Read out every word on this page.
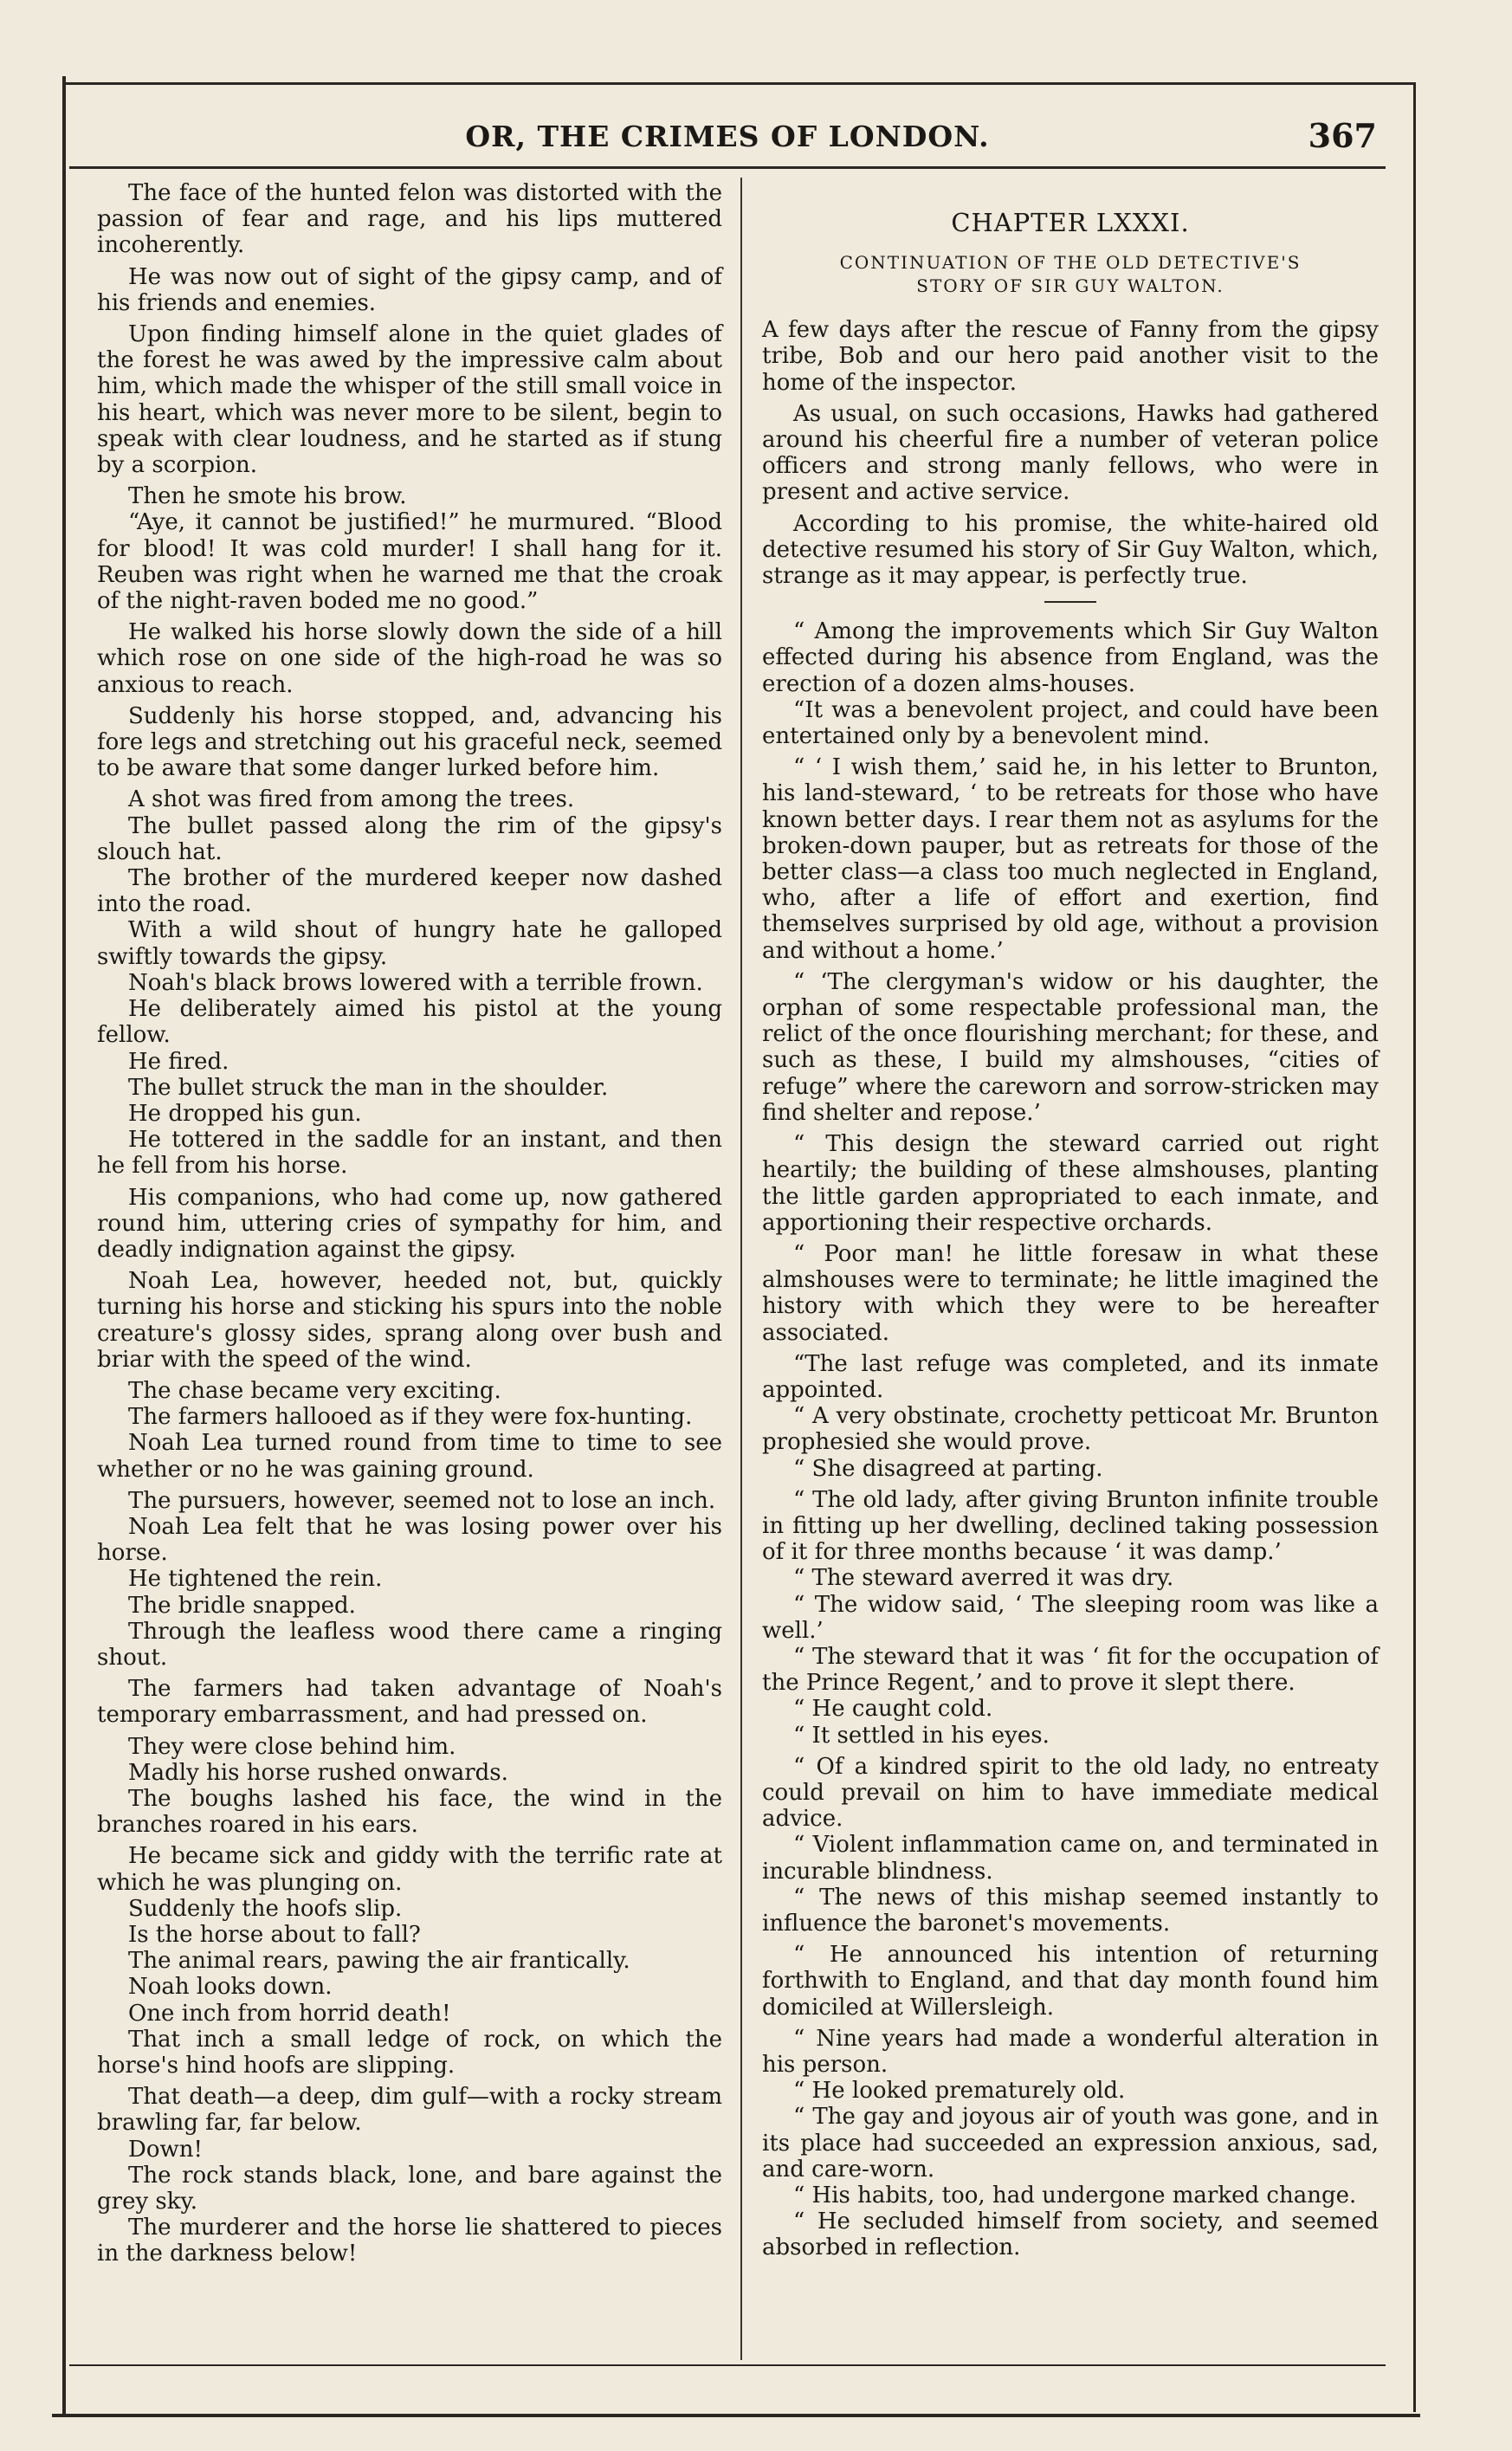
OR, THE CRIMES OF LONDON.	367

The face of the hunted felon was distorted with the passion of fear and rage, and his lips muttered incoherently.

He was now out of sight of the gipsy camp, and of his friends and enemies.

Upon finding himself alone in the quiet glades of the forest he was awed by the impressive calm about him, which made the whisper of the still small voice in his heart, which was never more to be silent, begin to speak with clear loudness, and he started as if stung by a scorpion.

Then he smote his brow.

“Aye, it cannot be justified!” he murmured. “Blood for blood! It was cold murder! I shall hang for it. Reuben was right when he warned me that the croak of the night-raven boded me no good.”

He walked his horse slowly down the side of a hill which rose on one side of the high-road he was so anxious to reach.

Suddenly his horse stopped, and, advancing his fore legs and stretching out his graceful neck, seemed to be aware that some danger lurked before him.

A shot was fired from among the trees.

The bullet passed along the rim of the gipsy's slouch hat.

The brother of the murdered keeper now dashed into the road.

With a wild shout of hungry hate he galloped swiftly towards the gipsy.

Noah's black brows lowered with a terrible frown.

He deliberately aimed his pistol at the young fellow.

He fired.

The bullet struck the man in the shoulder.

He dropped his gun.

He tottered in the saddle for an instant, and then he fell from his horse.

His companions, who had come up, now gathered round him, uttering cries of sympathy for him, and deadly indignation against the gipsy.

Noah Lea, however, heeded not, but, quickly turning his horse and sticking his spurs into the noble creature's glossy sides, sprang along over bush and briar with the speed of the wind.

The chase became very exciting.

The farmers hallooed as if they were fox-hunting.

Noah Lea turned round from time to time to see whether or no he was gaining ground.

The pursuers, however, seemed not to lose an inch.

Noah Lea felt that he was losing power over his horse.

He tightened the rein.

The bridle snapped.

Through the leafless wood there came a ringing shout.

The farmers had taken advantage of Noah's temporary embarrassment, and had pressed on.

They were close behind him.

Madly his horse rushed onwards.

The boughs lashed his face, the wind in the branches roared in his ears.

He became sick and giddy with the terrific rate at which he was plunging on.

Suddenly the hoofs slip.

Is the horse about to fall?

The animal rears, pawing the air frantically.

Noah looks down.

One inch from horrid death!

That inch a small ledge of rock, on which the horse's hind hoofs are slipping.

That death—a deep, dim gulf—with a rocky stream brawling far, far below.

Down!

The rock stands black, lone, and bare against the grey sky.

The murderer and the horse lie shattered to pieces in the darkness below!

CHAPTER LXXXI.
CONTINUATION OF THE OLD DETECTIVE'S
STORY OF SIR GUY WALTON.

A few days after the rescue of Fanny from the gipsy tribe, Bob and our hero paid another visit to the home of the inspector.

As usual, on such occasions, Hawks had gathered around his cheerful fire a number of veteran police officers and strong manly fellows, who were in present and active service.

According to his promise, the white-haired old detective resumed his story of Sir Guy Walton, which, strange as it may appear, is perfectly true.

“ Among the improvements which Sir Guy Walton effected during his absence from England, was the erection of a dozen alms-houses.

“It was a benevolent project, and could have been entertained only by a benevolent mind.

“ ‘ I wish them,’ said he, in his letter to Brunton, his land-steward, ‘ to be retreats for those who have known better days. I rear them not as asylums for the broken-down pauper, but as retreats for those of the better class—a class too much neglected in England, who, after a life of effort and exertion, find themselves surprised by old age, without a provision and without a home.’

“ ‘The clergyman's widow or his daughter, the orphan of some respectable professional man, the relict of the once flourishing merchant; for these, and such as these, I build my almshouses, “cities of refuge” where the careworn and sorrow-stricken may find shelter and repose.’

“ This design the steward carried out right heartily; the building of these almshouses, planting the little garden appropriated to each inmate, and apportioning their respective orchards.

“ Poor man! he little foresaw in what these almshouses were to terminate; he little imagined the history with which they were to be hereafter associated.

“The last refuge was completed, and its inmate appointed.

“ A very obstinate, crochetty petticoat Mr. Brunton prophesied she would prove.

“ She disagreed at parting.

“ The old lady, after giving Brunton infinite trouble in fitting up her dwelling, declined taking possession of it for three months because ‘ it was damp.’

“ The steward averred it was dry.

“ The widow said, ‘ The sleeping room was like a well.’

“ The steward that it was ‘ fit for the occupation of the Prince Regent,’ and to prove it slept there.

“ He caught cold.

“ It settled in his eyes.

“ Of a kindred spirit to the old lady, no entreaty could prevail on him to have immediate medical advice.

“ Violent inflammation came on, and terminated in incurable blindness.

“ The news of this mishap seemed instantly to influence the baronet's movements.

“ He announced his intention of returning forthwith to England, and that day month found him domiciled at Willersleigh.

“ Nine years had made a wonderful alteration in his person.

“ He looked prematurely old.

“ The gay and joyous air of youth was gone, and in its place had succeeded an expression anxious, sad, and care-worn.

“ His habits, too, had undergone marked change.

“ He secluded himself from society, and seemed absorbed in reflection.
